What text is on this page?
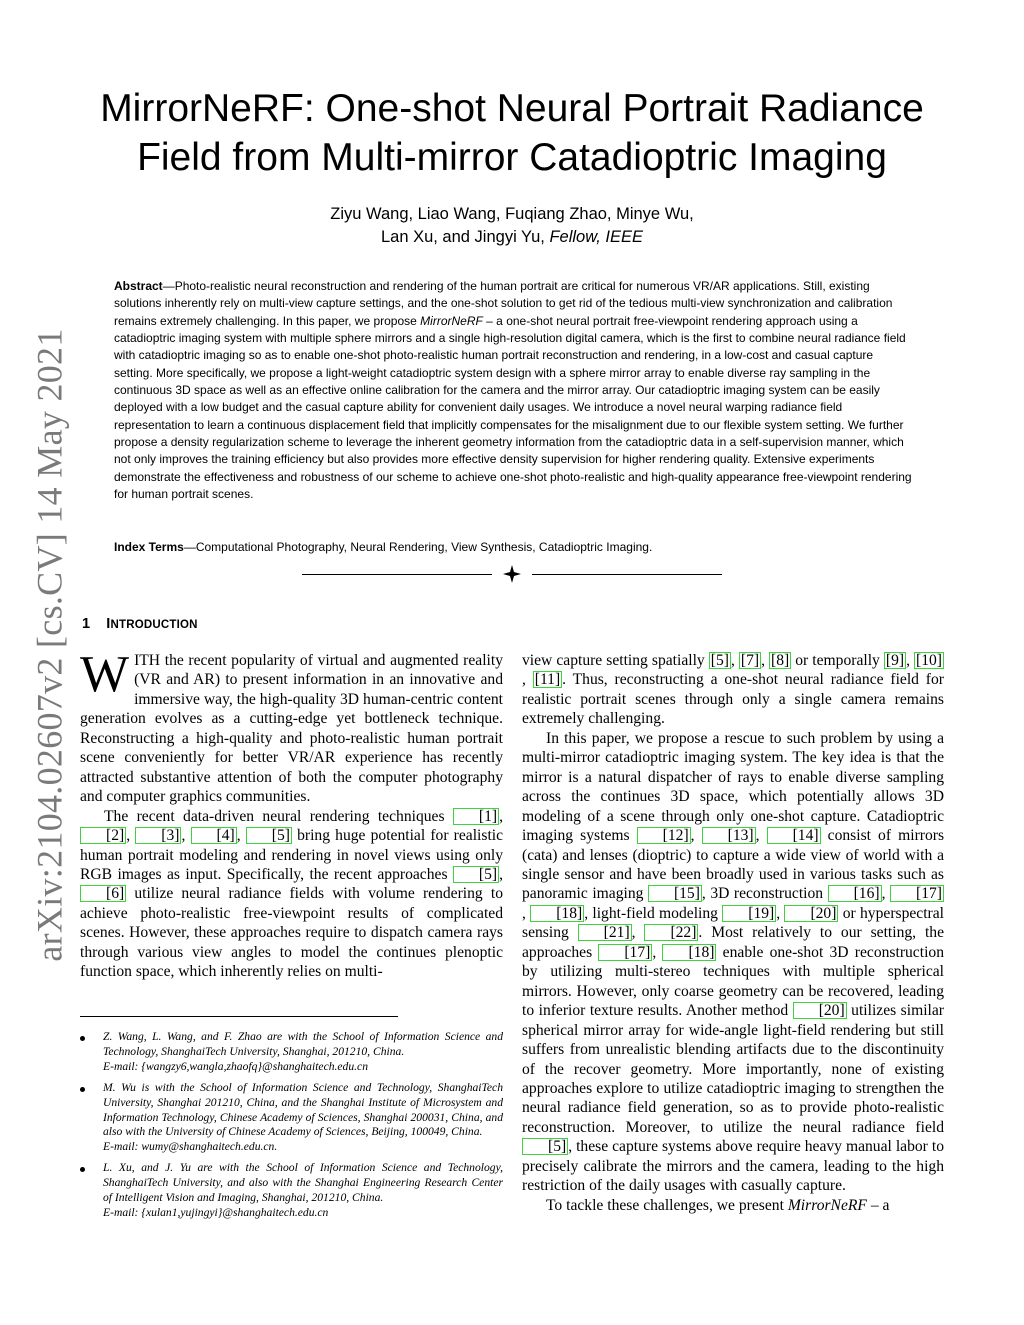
arXiv:2104.02607v2 [cs.CV] 14 May 2021
MirrorNeRF: One-shot Neural Portrait Radiance
Field from Multi-mirror Catadioptric Imaging
Ziyu Wang, Liao Wang, Fuqiang Zhao, Minye Wu,
Lan Xu, and Jingyi Yu, Fellow, IEEE

Abstract—Photo-realistic neural reconstruction and rendering of the human portrait are critical for numerous VR/AR applications. Still, existing solutions inherently rely on multi-view capture settings, and the one-shot solution to get rid of the tedious multi-view synchronization and calibration remains extremely challenging. In this paper, we propose MirrorNeRF – a one-shot neural portrait free-viewpoint rendering approach using a catadioptric imaging system with multiple sphere mirrors and a single high-resolution digital camera, which is the first to combine neural radiance field with catadioptric imaging so as to enable one-shot photo-realistic human portrait reconstruction and rendering, in a low-cost and casual capture setting. More specifically, we propose a light-weight catadioptric system design with a sphere mirror array to enable diverse ray sampling in the continuous 3D space as well as an effective online calibration for the camera and the mirror array. Our catadioptric imaging system can be easily deployed with a low budget and the casual capture ability for convenient daily usages. We introduce a novel neural warping radiance field representation to learn a continuous displacement field that implicitly compensates for the misalignment due to our flexible system setting. We further propose a density regularization scheme to leverage the inherent geometry information from the catadioptric data in a self-supervision manner, which not only improves the training efficiency but also provides more effective density supervision for higher rendering quality. Extensive experiments demonstrate the effectiveness and robustness of our scheme to achieve one-shot photo-realistic and high-quality appearance free-viewpoint rendering for human portrait scenes.

Index Terms—Computational Photography, Neural Rendering, View Synthesis, Catadioptric Imaging.

1 INTRODUCTION

WITH the recent popularity of virtual and augmented reality (VR and AR) to present information in an innovative and immersive way, the high-quality 3D human-centric content generation evolves as a cutting-edge yet bottleneck technique. Reconstructing a high-quality and photo-realistic human portrait scene conveniently for better VR/AR experience has recently attracted substantive attention of both the computer photography and computer graphics communities.

The recent data-driven neural rendering techniques [1] , [2] , [3] , [4] , [5] bring huge potential for realistic human portrait modeling and rendering in novel views using only RGB images as input. Specifically, the recent approaches [5] , [6] utilize neural radiance fields with volume rendering to achieve photo-realistic free-viewpoint results of complicated scenes. However, these approaches require to dispatch camera rays through various view angles to model the continues plenoptic function space, which inherently relies on multi-

Z. Wang, L. Wang, and F. Zhao are with the School of Information Science and Technology, ShanghaiTech University, Shanghai, 201210, China.
E-mail: {wangzy6,wangla,zhaofq}@shanghaitech.edu.cn
M. Wu is with the School of Information Science and Technology, ShanghaiTech University, Shanghai 201210, China, and the Shanghai Institute of Microsystem and Information Technology, Chinese Academy of Sciences, Shanghai 200031, China, and also with the University of Chinese Academy of Sciences, Beijing, 100049, China.
E-mail: wumy@shanghaitech.edu.cn.
L. Xu, and J. Yu are with the School of Information Science and Technology, ShanghaiTech University, and also with the Shanghai Engineering Research Center of Intelligent Vision and Imaging, Shanghai, 201210, China.
E-mail: {xulan1,yujingyi}@shanghaitech.edu.cn

view capture setting spatially [5] , [7] , [8] or temporally [9] , [10], [11] . Thus, reconstructing a one-shot neural radiance field for realistic portrait scenes through only a single camera remains extremely challenging.

In this paper, we propose a rescue to such problem by using a multi-mirror catadioptric imaging system. The key idea is that the mirror is a natural dispatcher of rays to enable diverse sampling across the continues 3D space, which potentially allows 3D modeling of a scene through only one-shot capture. Catadioptric imaging systems [12] , [13] , [14] consist of mirrors (cata) and lenses (dioptric) to capture a wide view of world with a single sensor and have been broadly used in various tasks such as panoramic imaging [15] , 3D reconstruction [16] , [17], [18] , light-field modeling [19] , [20] or hyperspectral sensing [21] , [22] . Most relatively to our setting, the approaches [17] , [18] enable one-shot 3D reconstruction by utilizing multi-stereo techniques with multiple spherical mirrors. However, only coarse geometry can be recovered, leading to inferior texture results. Another method [20] utilizes similar spherical mirror array for wide-angle light-field rendering but still suffers from unrealistic blending artifacts due to the discontinuity of the recover geometry. More importantly, none of existing approaches explore to utilize catadioptric imaging to strengthen the neural radiance field generation, so as to provide photo-realistic reconstruction. Moreover, to utilize the neural radiance field [5] , these capture systems above require heavy manual labor to precisely calibrate the mirrors and the camera, leading to the high restriction of the daily usages with casually capture.

To tackle these challenges, we present MirrorNeRF – a
